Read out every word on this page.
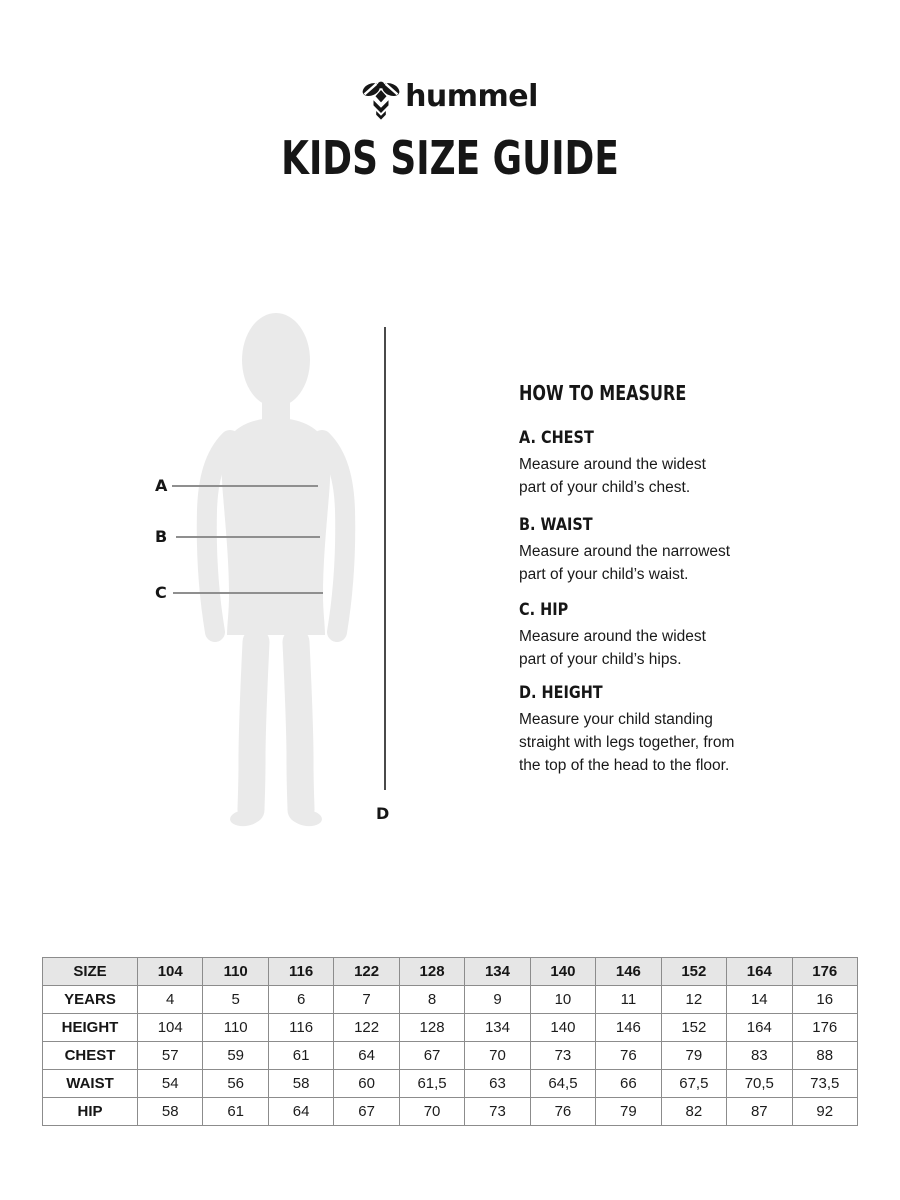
hummel
KIDS SIZE GUIDE
A
B
C
D
HOW TO MEASURE
A. CHEST

Measure around the widest
part of your child’s chest.

B. WAIST

Measure around the narrowest
part of your child’s waist.

C. HIP

Measure around the widest
part of your child’s hips.

D. HEIGHT

Measure your child standing
straight with legs together, from
the top of the head to the floor.

SIZE	104	110	116	122	128	134	140	146	152	164	176
YEARS	4	5	6	7	8	9	10	11	12	14	16
HEIGHT	104	110	116	122	128	134	140	146	152	164	176
CHEST	57	59	61	64	67	70	73	76	79	83	88
WAIST	54	56	58	60	61,5	63	64,5	66	67,5	70,5	73,5
HIP	58	61	64	67	70	73	76	79	82	87	92
